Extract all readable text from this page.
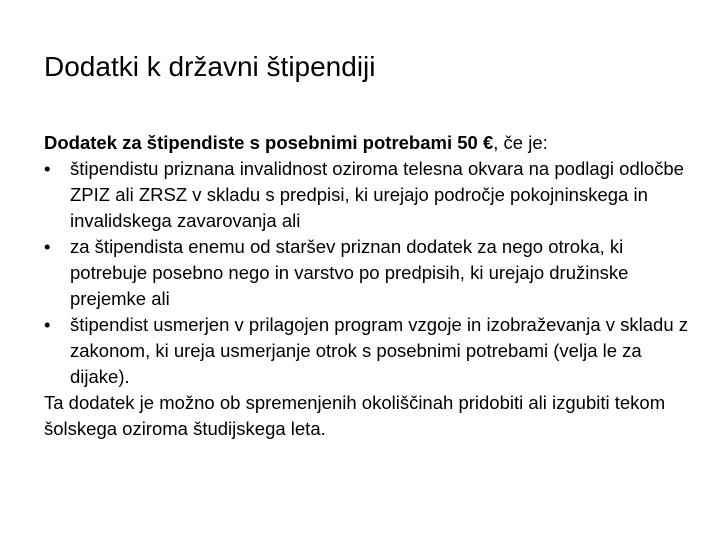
Dodatki k državni štipendiji
Dodatek za štipendiste s posebnimi potrebami 50 €, če je:
•	štipendistu priznana invalidnost oziroma telesna okvara na podlagi odločbe ZPIZ ali ZRSZ v skladu s predpisi, ki urejajo področje pokojninskega in invalidskega zavarovanja ali
•	za štipendista enemu od staršev priznan dodatek za nego otroka, ki potrebuje posebno nego in varstvo po predpisih, ki urejajo družinske prejemke ali
•	štipendist usmerjen v prilagojen program vzgoje in izobraževanja v skladu z zakonom, ki ureja usmerjanje otrok s posebnimi potrebami (velja le za dijake).

Ta dodatek je možno ob spremenjenih okoliščinah pridobiti ali izgubiti tekom šolskega oziroma študijskega leta.
